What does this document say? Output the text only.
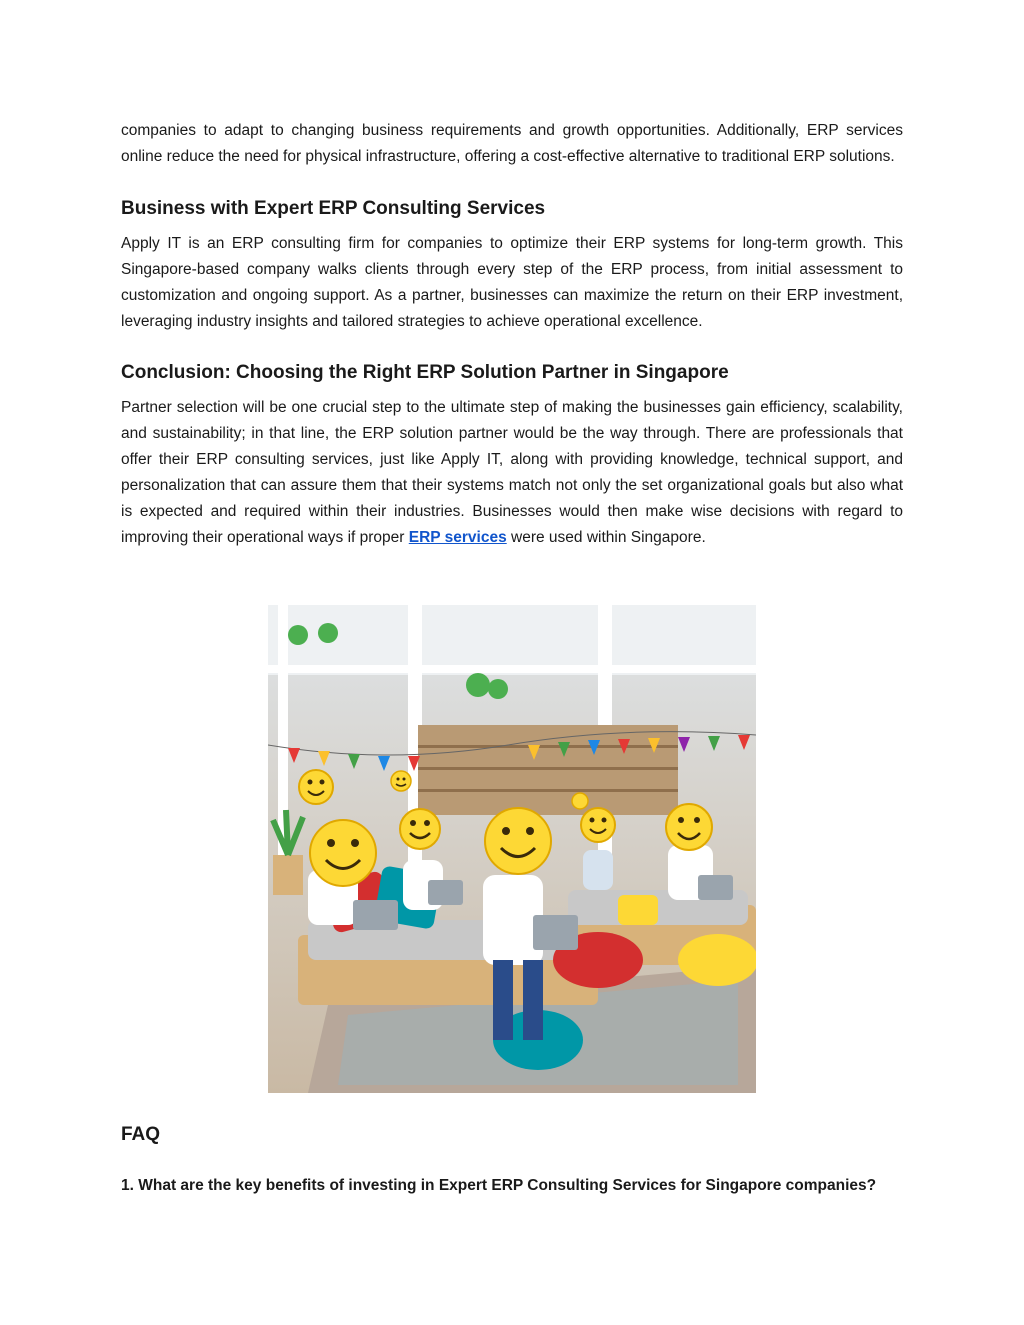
companies to adapt to changing business requirements and growth opportunities. Additionally, ERP services online reduce the need for physical infrastructure, offering a cost-effective alternative to traditional ERP solutions.

Business with Expert ERP Consulting Services

Apply IT is an ERP consulting firm for companies to optimize their ERP systems for long-term growth. This Singapore-based company walks clients through every step of the ERP process, from initial assessment to customization and ongoing support. As a partner, businesses can maximize the return on their ERP investment, leveraging industry insights and tailored strategies to achieve operational excellence.

Conclusion: Choosing the Right ERP Solution Partner in Singapore

Partner selection will be one crucial step to the ultimate step of making the businesses gain efficiency, scalability, and sustainability; in that line, the ERP solution partner would be the way through. There are professionals that offer their ERP consulting services, just like Apply IT, along with providing knowledge, technical support, and personalization that can assure them that their systems match not only the set organizational goals but also what is expected and required within their industries. Businesses would then make wise decisions with regard to improving their operational ways if proper ERP services were used within Singapore.

FAQ
1. What are the key benefits of investing in Expert ERP Consulting Services for Singapore companies?
